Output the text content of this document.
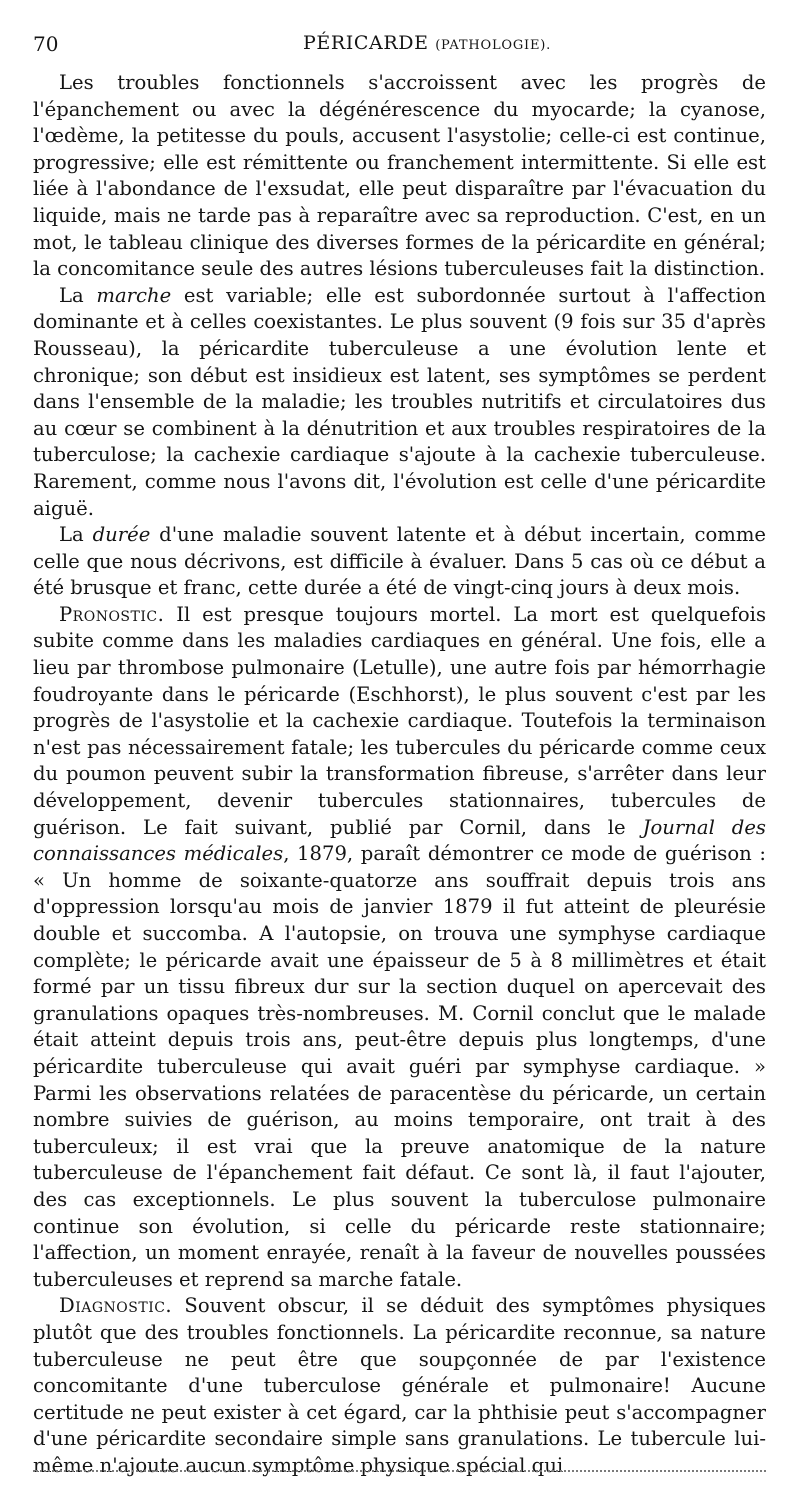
70	PÉRICARDE (PATHOLOGIE).

Les troubles fonctionnels s'accroissent avec les progrès de l'épanchement ou avec la dégénérescence du myocarde; la cyanose, l'œdème, la petitesse du pouls, accusent l'asystolie; celle-ci est continue, progressive; elle est rémittente ou franchement intermittente. Si elle est liée à l'abondance de l'exsudat, elle peut disparaître par l'évacuation du liquide, mais ne tarde pas à reparaître avec sa reproduction. C'est, en un mot, le tableau clinique des diverses formes de la péricardite en général; la concomitance seule des autres lésions tuberculeuses fait la distinction.

La marche est variable; elle est subordonnée surtout à l'affection dominante et à celles coexistantes. Le plus souvent (9 fois sur 35 d'après Rousseau), la péricardite tuberculeuse a une évolution lente et chronique; son début est insidieux est latent, ses symptômes se perdent dans l'ensemble de la maladie; les troubles nutritifs et circulatoires dus au cœur se combinent à la dénutrition et aux troubles respiratoires de la tuberculose; la cachexie cardiaque s'ajoute à la cachexie tuberculeuse. Rarement, comme nous l'avons dit, l'évolution est celle d'une péricardite aiguë.

La durée d'une maladie souvent latente et à début incertain, comme celle que nous décrivons, est difficile à évaluer. Dans 5 cas où ce début a été brusque et franc, cette durée a été de vingt-cinq jours à deux mois.

Pronostic. Il est presque toujours mortel. La mort est quelquefois subite comme dans les maladies cardiaques en général. Une fois, elle a lieu par thrombose pulmonaire (Letulle), une autre fois par hémorrhagie foudroyante dans le péricarde (Eschhorst), le plus souvent c'est par les progrès de l'asystolie et la cachexie cardiaque. Toutefois la terminaison n'est pas nécessairement fatale; les tubercules du péricarde comme ceux du poumon peuvent subir la transformation fibreuse, s'arrêter dans leur développement, devenir tubercules stationnaires, tubercules de guérison. Le fait suivant, publié par Cornil, dans le Journal des connaissances médicales, 1879, paraît démontrer ce mode de guérison : « Un homme de soixante-quatorze ans souffrait depuis trois ans d'oppression lorsqu'au mois de janvier 1879 il fut atteint de pleurésie double et succomba. A l'autopsie, on trouva une symphyse cardiaque complète; le péricarde avait une épaisseur de 5 à 8 millimètres et était formé par un tissu fibreux dur sur la section duquel on apercevait des granulations opaques très-nombreuses. M. Cornil conclut que le malade était atteint depuis trois ans, peut-être depuis plus longtemps, d'une péricardite tuberculeuse qui avait guéri par symphyse cardiaque. » Parmi les observations relatées de paracentèse du péricarde, un certain nombre suivies de guérison, au moins temporaire, ont trait à des tuberculeux; il est vrai que la preuve anatomique de la nature tuberculeuse de l'épanchement fait défaut. Ce sont là, il faut l'ajouter, des cas exceptionnels. Le plus souvent la tuberculose pulmonaire continue son évolution, si celle du péricarde reste stationnaire; l'affection, un moment enrayée, renaît à la faveur de nouvelles poussées tuberculeuses et reprend sa marche fatale.

Diagnostic. Souvent obscur, il se déduit des symptômes physiques plutôt que des troubles fonctionnels. La péricardite reconnue, sa nature tuberculeuse ne peut être que soupçonnée de par l'existence concomitante d'une tuberculose générale et pulmonaire! Aucune certitude ne peut exister à cet égard, car la phthisie peut s'accompagner d'une péricardite secondaire simple sans granulations. Le tubercule lui-même n'ajoute aucun symptôme physique spécial qui
